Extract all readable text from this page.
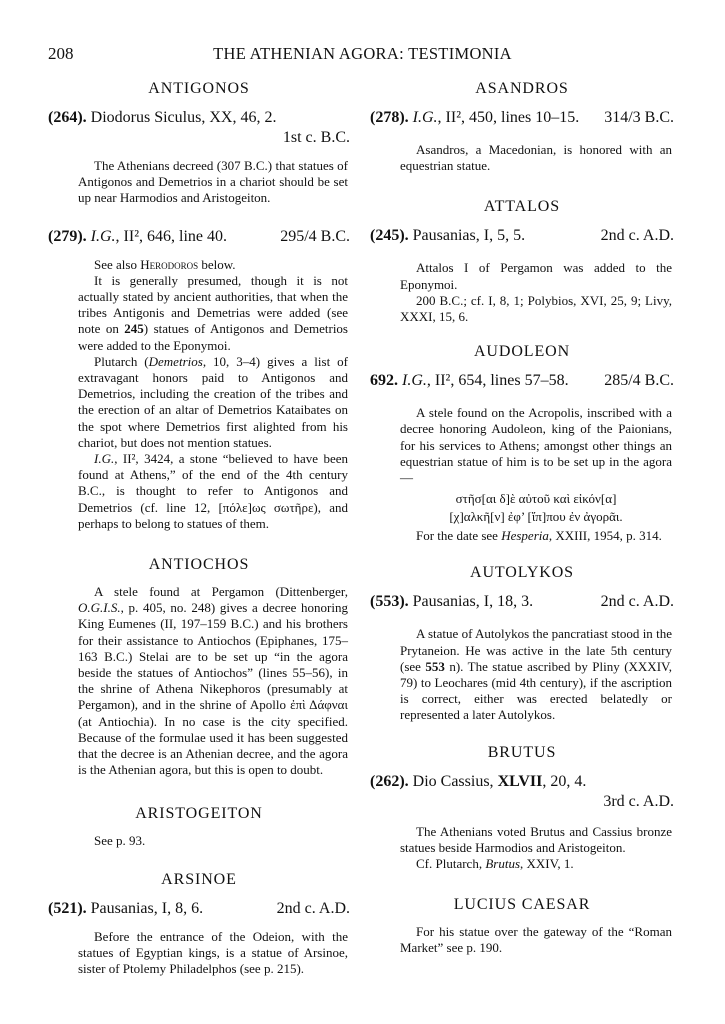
208	THE ATHENIAN AGORA: TESTIMONIA
ANTIGONOS
(264). Diodorus Siculus, XX, 46, 2.
1st c. B.C.

The Athenians decreed (307 B.C.) that statues of Antigonos and Demetrios in a chariot should be set up near Harmodios and Aristogeiton.

(279). I.G., II², 646, line 40.	295/4 B.C.

See also Herodoros below.

It is generally presumed, though it is not actually stated by ancient authorities, that when the tribes Antigonis and Demetrias were added (see note on 245) statues of Antigonos and Demetrios were added to the Eponymoi.

Plutarch (Demetrios, 10, 3–4) gives a list of extravagant honors paid to Antigonos and Demetrios, including the creation of the tribes and the erection of an altar of Demetrios Kataibates on the spot where Demetrios first alighted from his chariot, but does not mention statues.

I.G., II², 3424, a stone “believed to have been found at Athens,” of the end of the 4th century B.C., is thought to refer to Antigonos and Demetrios (cf. line 12, [πόλε]ως σωτῆρε), and perhaps to belong to statues of them.

ANTIOCHOS

A stele found at Pergamon (Dittenberger, O.G.I.S., p. 405, no. 248) gives a decree honoring King Eumenes (II, 197–159 B.C.) and his brothers for their assistance to Antiochos (Epiphanes, 175–163 B.C.) Stelai are to be set up “in the agora beside the statues of Antiochos” (lines 55–56), in the shrine of Athena Nikephoros (presumably at Pergamon), and in the shrine of Apollo ἐπὶ Δάφναι (at Antiochia). In no case is the city specified. Because of the formulae used it has been suggested that the decree is an Athenian decree, and the agora is the Athenian agora, but this is open to doubt.

ARISTOGEITON

See p. 93.

ARSINOE
(521). Pausanias, I, 8, 6.	2nd c. A.D.

Before the entrance of the Odeion, with the statues of Egyptian kings, is a statue of Arsinoe, sister of Ptolemy Philadelphos (see p. 215).

ASANDROS
(278). I.G., II², 450, lines 10–15. 314/3 B.C.

Asandros, a Macedonian, is honored with an equestrian statue.

ATTALOS
(245). Pausanias, I, 5, 5.	2nd c. A.D.

Attalos I of Pergamon was added to the Eponymoi.

200 B.C.; cf. I, 8, 1; Polybios, XVI, 25, 9; Livy, XXXI, 15, 6.

AUDOLEON
692. I.G., II², 654, lines 57–58. 285/4 B.C.

A stele found on the Acropolis, inscribed with a decree honoring Audoleon, king of the Paionians, for his services to Athens; amongst other things an equestrian statue of him is to be set up in the agora—

στῆσ[αι δ]ὲ αὐτοῦ καὶ εἰκόν[α]
[χ]αλκῆ[ν] ἐφ’ [ἵπ]που ἐν ἀγορᾶι.

For the date see Hesperia, XXIII, 1954, p. 314.

AUTOLYKOS
(553). Pausanias, I, 18, 3.	2nd c. A.D.

A statue of Autolykos the pancratiast stood in the Prytaneion. He was active in the late 5th century (see 553 n). The statue ascribed by Pliny (XXXIV, 79) to Leochares (mid 4th century), if the ascription is correct, either was erected belatedly or represented a later Autolykos.

BRUTUS
(262). Dio Cassius, XLVII, 20, 4.
3rd c. A.D.

The Athenians voted Brutus and Cassius bronze statues beside Harmodios and Aristogeiton.

Cf. Plutarch, Brutus, XXIV, 1.

LUCIUS CAESAR

For his statue over the gateway of the “Roman Market” see p. 190.
